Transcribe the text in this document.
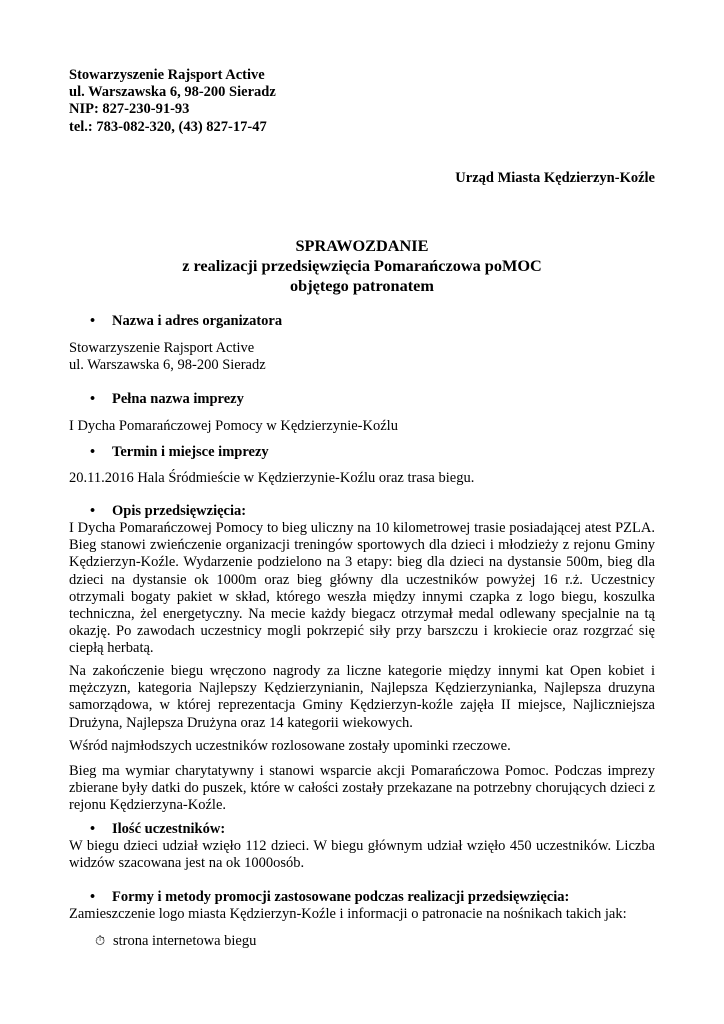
Stowarzyszenie Rajsport Active
ul. Warszawska 6, 98-200 Sieradz
NIP: 827-230-91-93
tel.: 783-082-320, (43) 827-17-47
Urząd Miasta Kędzierzyn-Koźle
SPRAWOZDANIE
z realizacji przedsięwzięcia Pomarańczowa poMOC
objętego patronatem
• Nazwa i adres organizatora
Stowarzyszenie Rajsport Active
ul. Warszawska 6, 98-200 Sieradz
• Pełna nazwa imprezy
I Dycha Pomarańczowej Pomocy w Kędzierzynie-Koźlu
• Termin i miejsce imprezy
20.11.2016 Hala Śródmieście w Kędzierzynie-Koźlu oraz trasa biegu.
• Opis przedsięwzięcia:
I Dycha Pomarańczowej Pomocy to bieg uliczny na 10 kilometrowej trasie posiadającej atest PZLA. Bieg stanowi zwieńczenie organizacji treningów sportowych dla dzieci i młodzieży z rejonu Gminy Kędzierzyn-Koźle. Wydarzenie podzielono na 3 etapy: bieg dla dzieci na dystansie 500m, bieg dla dzieci na dystansie ok 1000m oraz bieg główny dla uczestników powyżej 16 r.ż. Uczestnicy otrzymali bogaty pakiet w skład, którego weszła między innymi czapka z logo biegu, koszulka techniczna, żel energetyczny. Na mecie każdy biegacz otrzymał medal odlewany specjalnie na tą okazję. Po zawodach uczestnicy mogli pokrzepić siły przy barszczu i krokiecie oraz rozgrzać się ciepłą herbatą.
Na zakończenie biegu wręczono nagrody za liczne kategorie między innymi kat Open kobiet i mężczyzn, kategoria Najlepszy Kędzierzynianin, Najlepsza Kędzierzynianka, Najlepsza druzyna samorządowa, w której reprezentacja Gminy Kędzierzyn-koźle zajęła II miejsce, Najliczniejsza Drużyna, Najlepsza Drużyna oraz 14 kategorii wiekowych.
Wśród najmłodszych uczestników rozlosowane zostały upominki rzeczowe.
Bieg ma wymiar charytatywny i stanowi wsparcie akcji Pomarańczowa Pomoc. Podczas imprezy zbierane były datki do puszek, które w całości zostały przekazane na potrzebny chorujących dzieci z rejonu Kędzierzyna-Koźle.
• Ilość uczestników:
W biegu dzieci udział wzięło 112 dzieci. W biegu głównym udział wzięło 450 uczestników. Liczba widzów szacowana jest na ok 1000osób.
• Formy i metody promocji zastosowane podczas realizacji przedsięwzięcia:
Zamieszczenie logo miasta Kędzierzyn-Koźle i informacji o patronacie na nośnikach takich jak:
⏱ strona internetowa biegu
